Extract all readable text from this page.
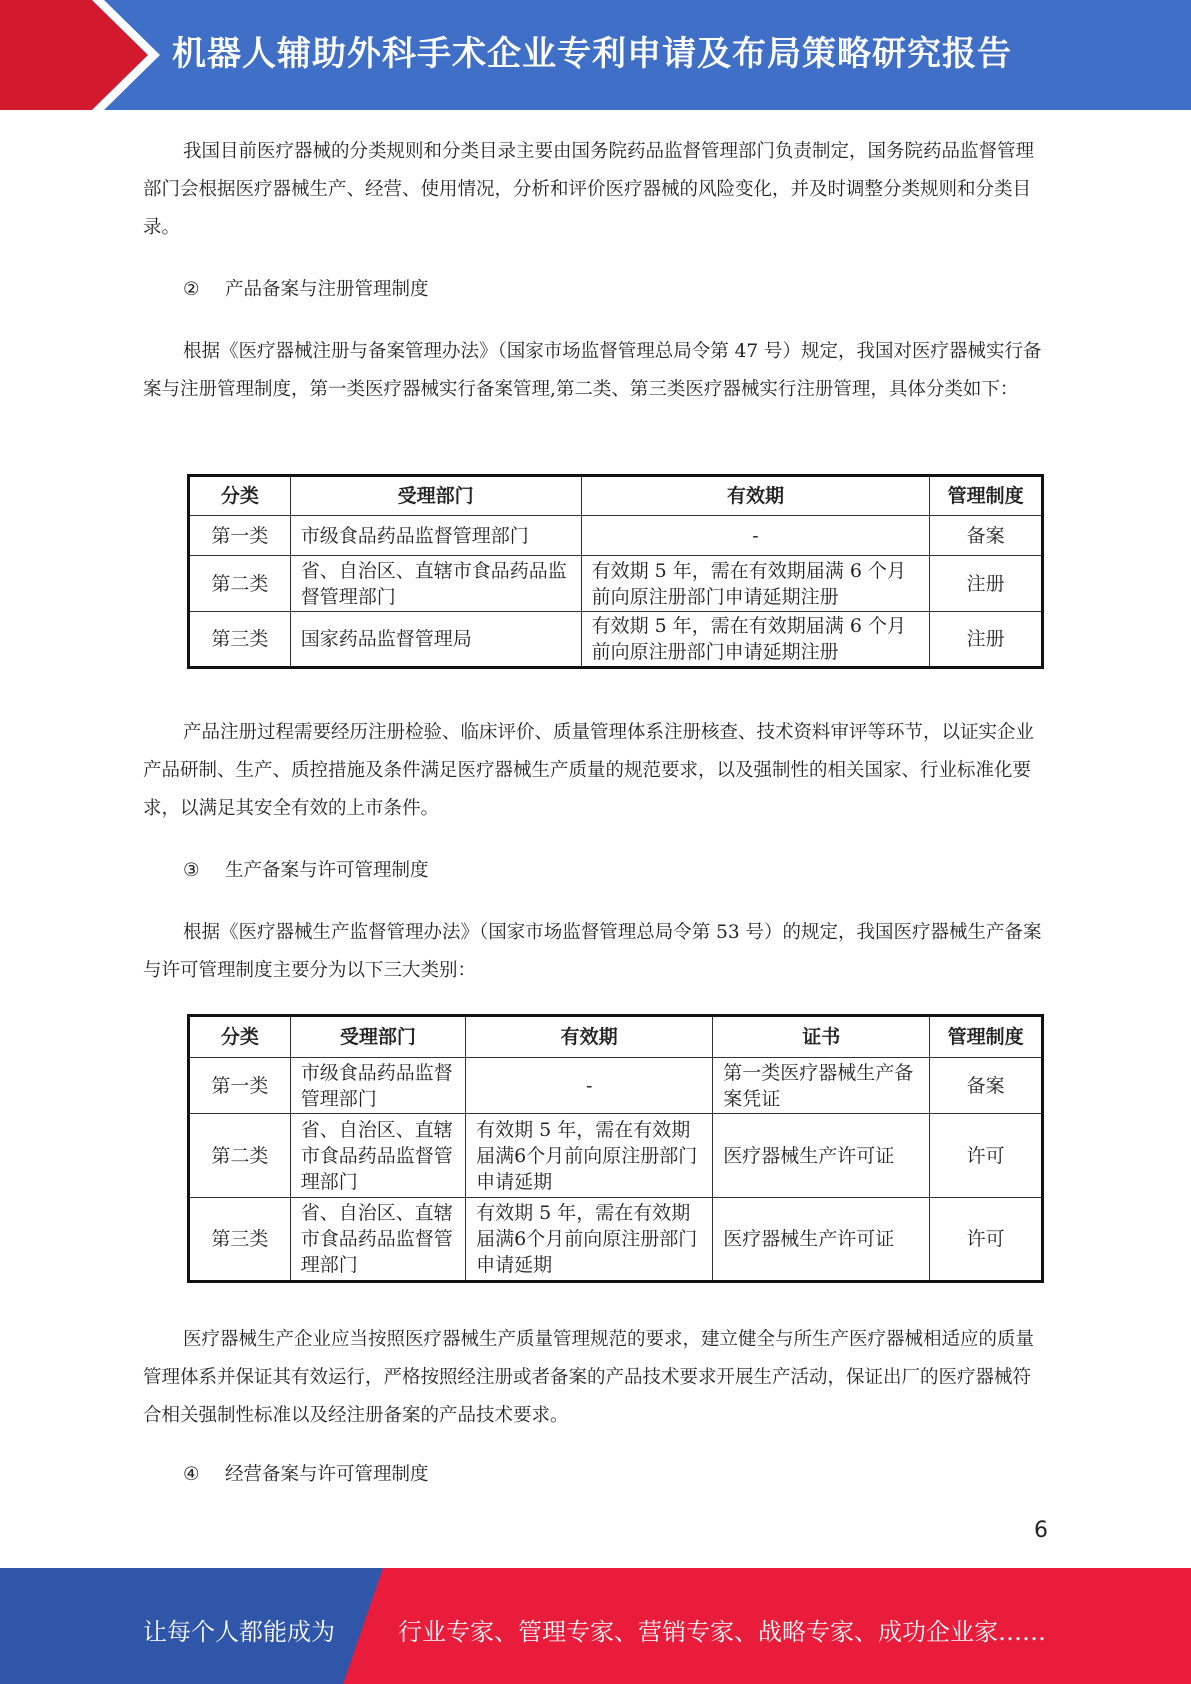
机器人辅助外科手术企业专利申请及布局策略研究报告

我国目前医疗器械的分类规则和分类目录主要由国务院药品监督管理部门负责制定，国务院药品监督管理部门会根据医疗器械生产、经营、使用情况，分析和评价医疗器械的风险变化，并及时调整分类规则和分类目录。

② 产品备案与注册管理制度

根据《医疗器械注册与备案管理办法》（国家市场监督管理总局令第 47 号）规定，我国对医疗器械实行备案与注册管理制度，第一类医疗器械实行备案管理,第二类、第三类医疗器械实行注册管理，具体分类如下：

分类	受理部门	有效期	管理制度
第一类	市级食品药品监督管理部门	-	备案
第二类	省、自治区、直辖市食品药品监督管理部门	有效期 5 年，需在有效期届满 6 个月前向原注册部门申请延期注册	注册
第三类	国家药品监督管理局	有效期 5 年，需在有效期届满 6 个月前向原注册部门申请延期注册	注册

产品注册过程需要经历注册检验、临床评价、质量管理体系注册核查、技术资料审评等环节，以证实企业产品研制、生产、质控措施及条件满足医疗器械生产质量的规范要求，以及强制性的相关国家、行业标准化要求，以满足其安全有效的上市条件。

③ 生产备案与许可管理制度

根据《医疗器械生产监督管理办法》（国家市场监督管理总局令第 53 号）的规定，我国医疗器械生产备案与许可管理制度主要分为以下三大类别：

分类	受理部门	有效期	证书	管理制度
第一类	市级食品药品监督管理部门	-	第一类医疗器械生产备案凭证	备案
第二类	省、自治区、直辖市食品药品监督管理部门	有效期 5 年，需在有效期届满6个月前向原注册部门申请延期	医疗器械生产许可证	许可
第三类	省、自治区、直辖市食品药品监督管理部门	有效期 5 年，需在有效期届满6个月前向原注册部门申请延期	医疗器械生产许可证	许可

医疗器械生产企业应当按照医疗器械生产质量管理规范的要求，建立健全与所生产医疗器械相适应的质量管理体系并保证其有效运行，严格按照经注册或者备案的产品技术要求开展生产活动，保证出厂的医疗器械符合相关强制性标准以及经注册备案的产品技术要求。

④ 经营备案与许可管理制度

6
让每个人都能成为	行业专家、管理专家、营销专家、战略专家、成功企业家……
